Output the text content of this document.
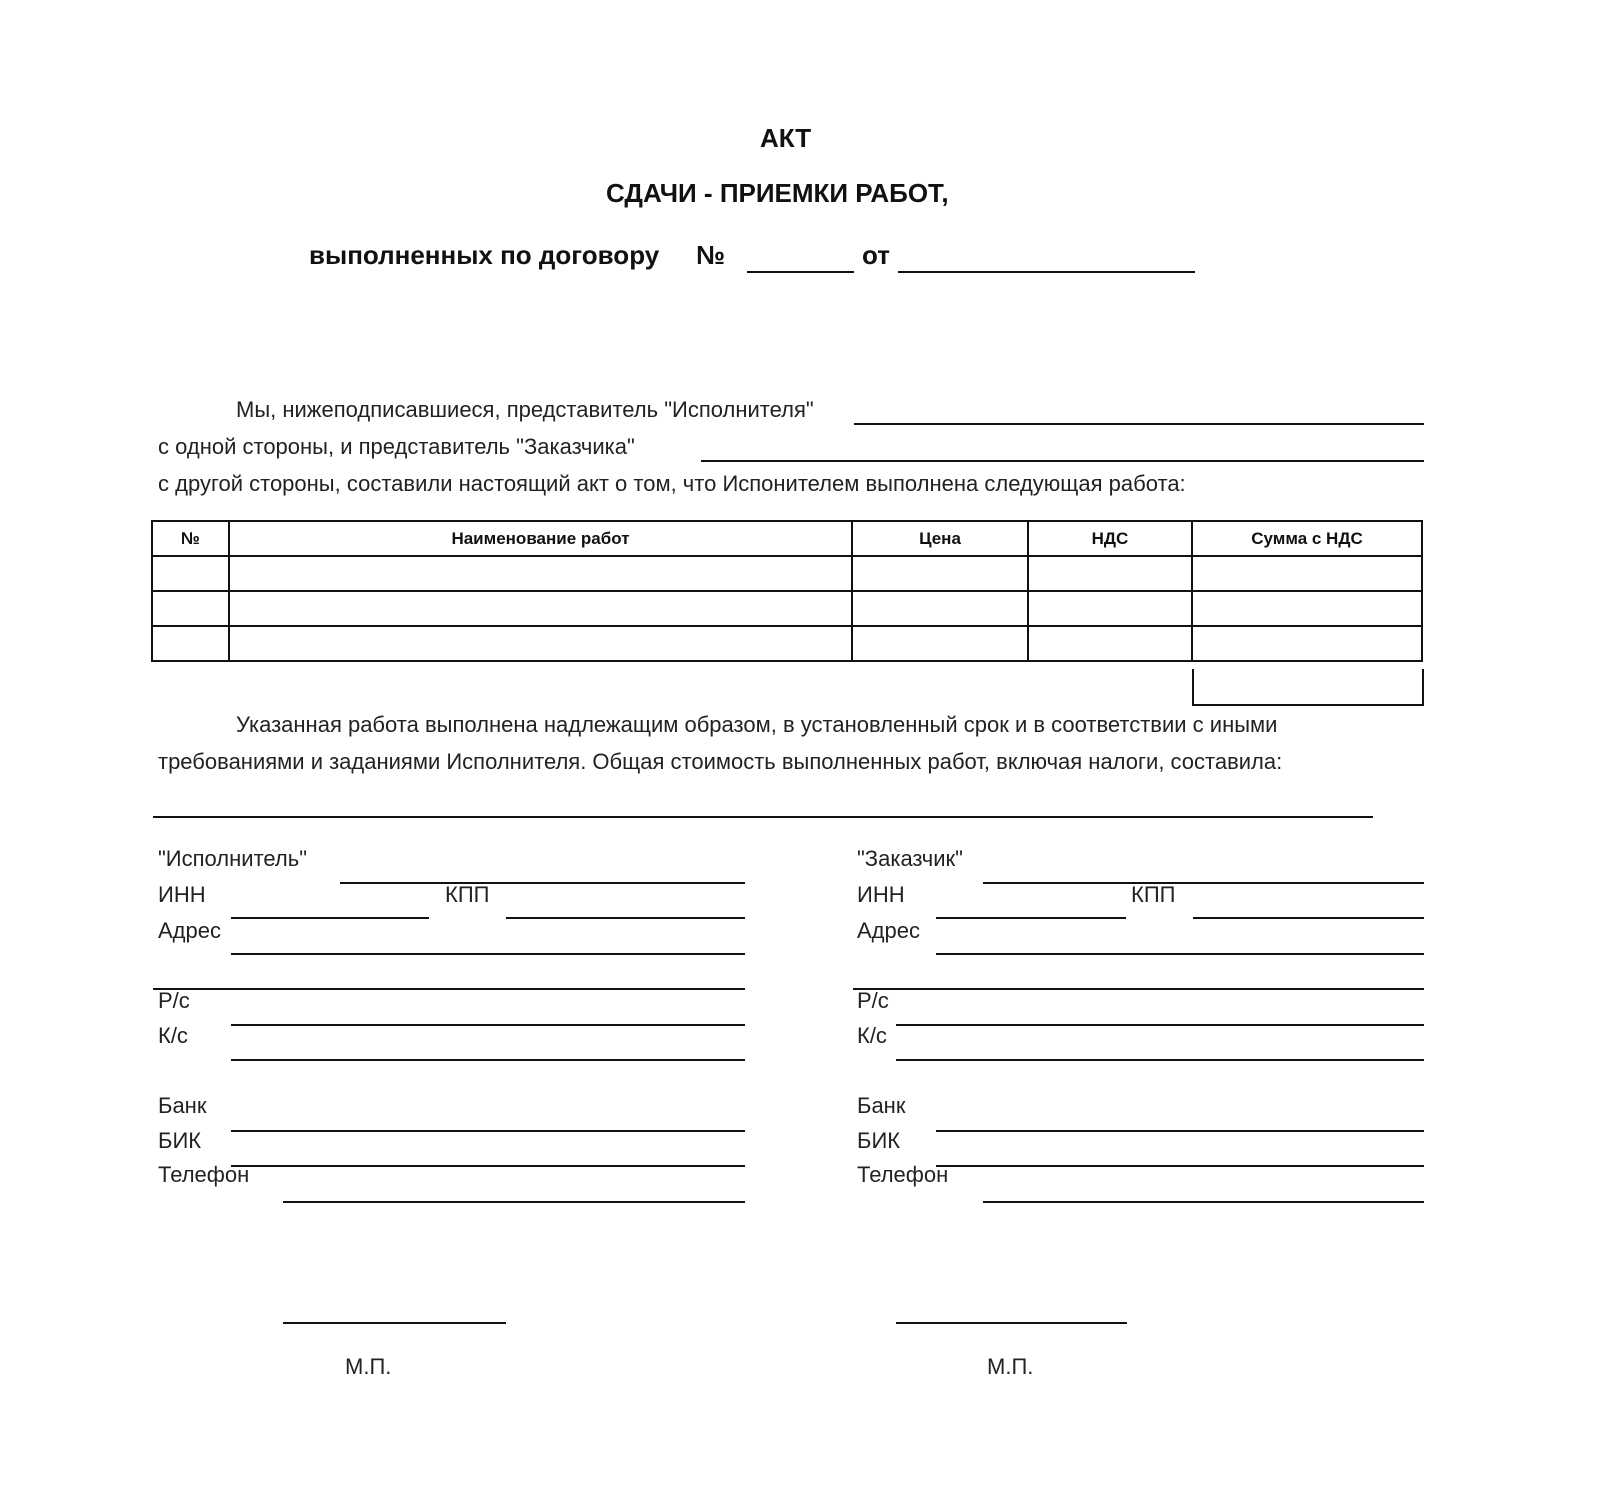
АКТ
СДАЧИ - ПРИЕМКИ РАБОТ,
выполненных по договору №	от
Мы, нижеподписавшиеся, представитель "Исполнителя"
с одной стороны, и представитель "Заказчика"
с другой стороны, составили настоящий акт о том, что Испонителем выполнена следующая работа:
№	Наименование работ	Цена	НДС	Сумма с НДС

Указанная работа выполнена надлежащим образом, в установленный срок и в соответствии с иными
требованиями и заданиями Исполнителя. Общая стоимость выполненных работ, включая налоги, составила:
"Исполнитель"
ИНН	КПП
Адрес
Р/с
К/с
Банк
БИК
Телефон
М.П.
"Заказчик"
ИНН	КПП
Адрес
Р/с
К/с
Банк
БИК
Телефон
М.П.
